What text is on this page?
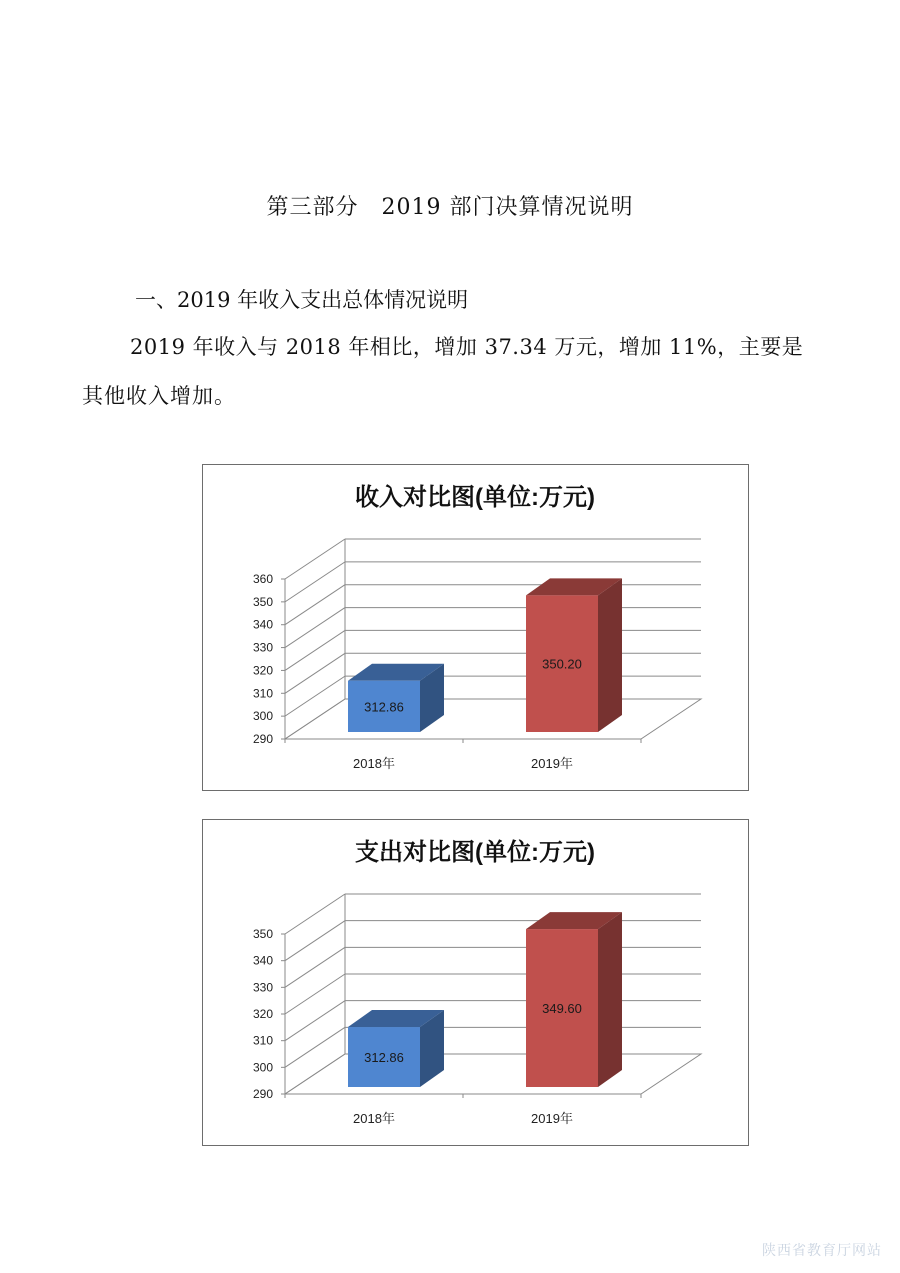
第三部分　2019 部门决算情况说明
一、2019 年收入支出总体情况说明
2019 年收入与 2018 年相比，增加 37.34 万元，增加 11%，主要是
其他收入增加。
收入对比图(单位:万元)
290
300
310
320
330
340
350
360
312.86
2018年
350.20
2019年
支出对比图(单位:万元)
290
300
310
320
330
340
350
312.86
2018年
349.60
2019年
陕西省教育厅网站
